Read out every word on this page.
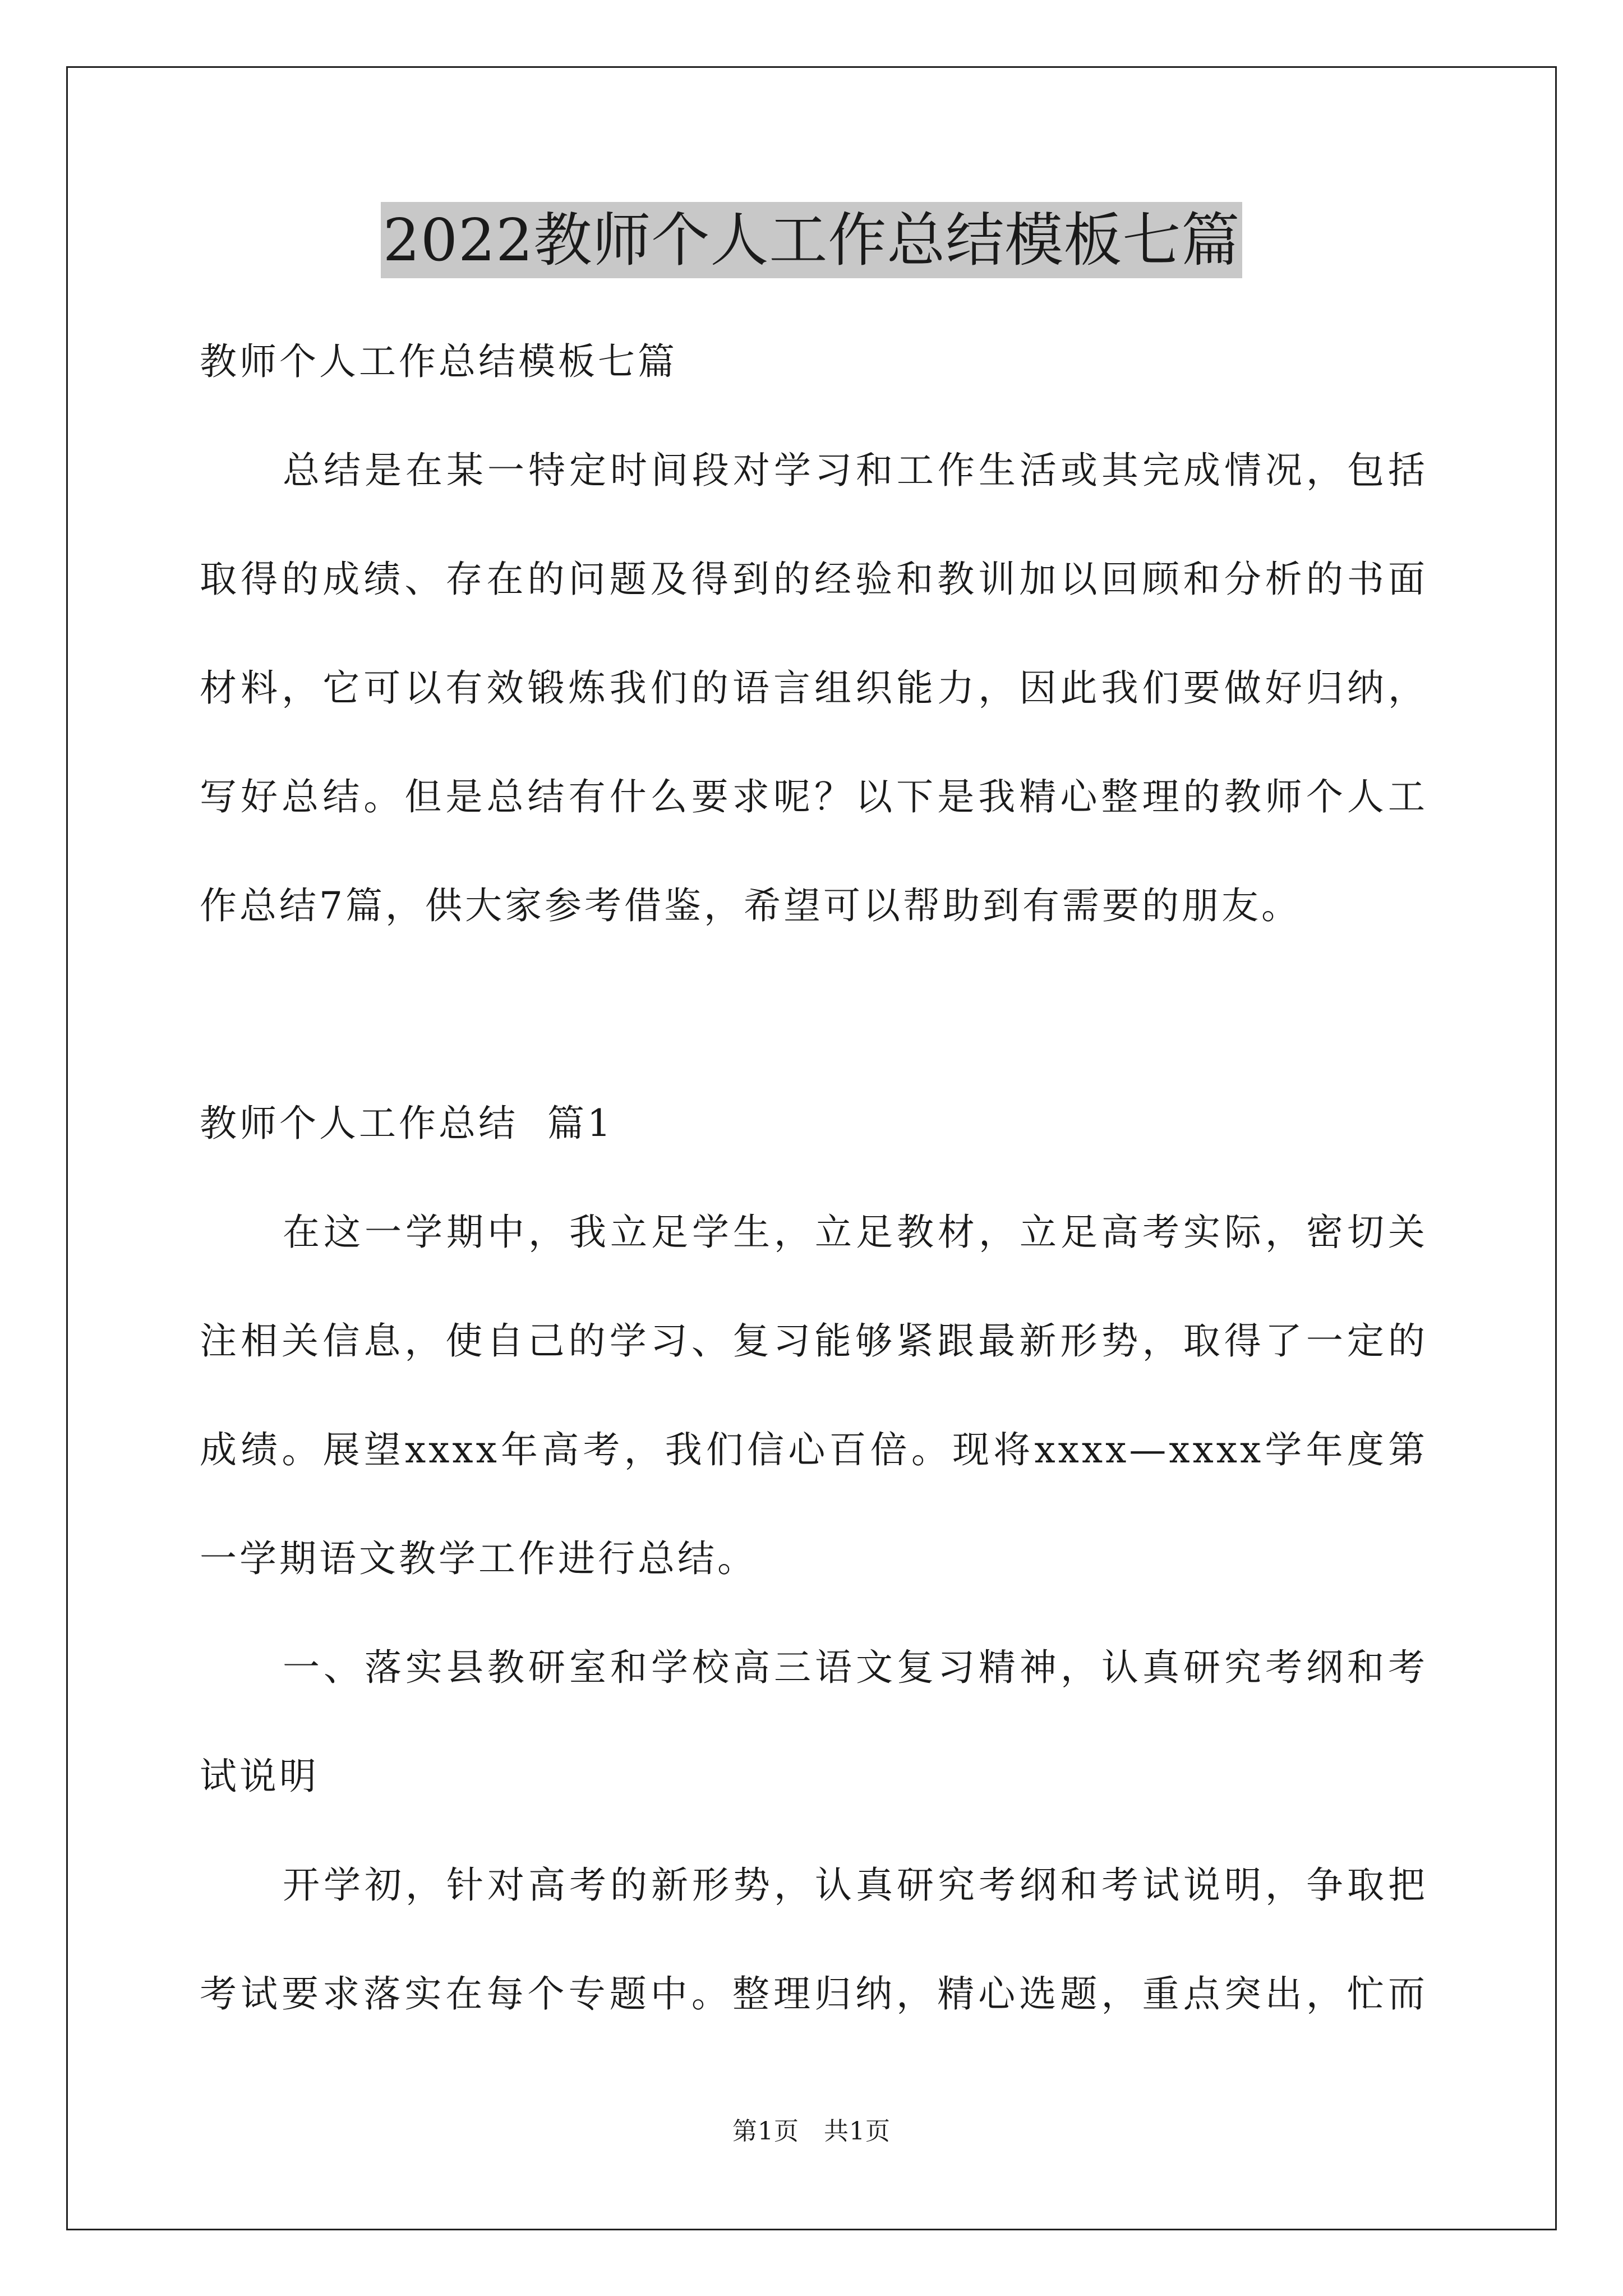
2022教师个人工作总结模板七篇
教师个人工作总结模板七篇
总结是在某一特定时间段对学习和工作生活或其完成情况，包括
取得的成绩、存在的问题及得到的经验和教训加以回顾和分析的书面
材料，它可以有效锻炼我们的语言组织能力，因此我们要做好归纳，
写好总结。但是总结有什么要求呢？以下是我精心整理的教师个人工
作总结7篇，供大家参考借鉴，希望可以帮助到有需要的朋友。
教师个人工作总结  篇1
在这一学期中，我立足学生，立足教材，立足高考实际，密切关
注相关信息，使自己的学习、复习能够紧跟最新形势，取得了一定的
成绩。展望xxxx年高考，我们信心百倍。现将xxxx—xxxx学年度第
一学期语文教学工作进行总结。
一、落实县教研室和学校高三语文复习精神，认真研究考纲和考
试说明
开学初，针对高考的新形势，认真研究考纲和考试说明，争取把
考试要求落实在每个专题中。整理归纳，精心选题，重点突出，忙而
第1页 共1页
